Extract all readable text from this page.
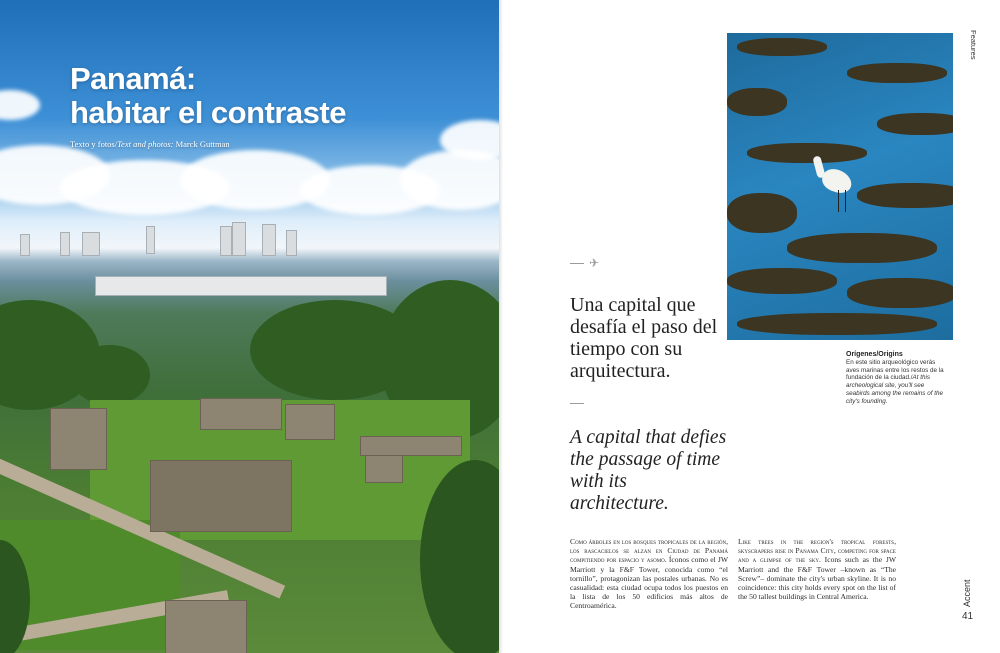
Panamá:
habitar el contraste
Texto y fotos/Text and photos: Marck Guttman
Features
✈
Una capital que desafía el paso del tiempo con su arquitectura.
A capital that defies the passage of time with its architecture.
Orígenes/Origins
En este sitio arqueológico verás aves marinas entre los restos de la fundación de la ciudad./At this archeological site, you'll see seabirds among the remains of the city's founding.

Como árboles en los bosques tropicales de la región, los rascacielos se alzan en Ciudad de Panamá compitiendo por espacio y asomo. Íconos como el JW Marriott y la F&F Tower, conocida como “el tornillo”, protagonizan las postales urbanas. No es casualidad: esta ciudad ocupa todos los puestos en la lista de los 50 edificios más altos de Centroamérica.

Like trees in the region's tropical forests, skyscrapers rise in Panama City, competing for space and a glimpse of the sky. Icons such as the JW Marriott and the F&F Tower –known as “The Screw”– dominate the city's urban skyline. It is no coincidence: this city holds every spot on the list of the 50 tallest buildings in Central America.	Accent
41
